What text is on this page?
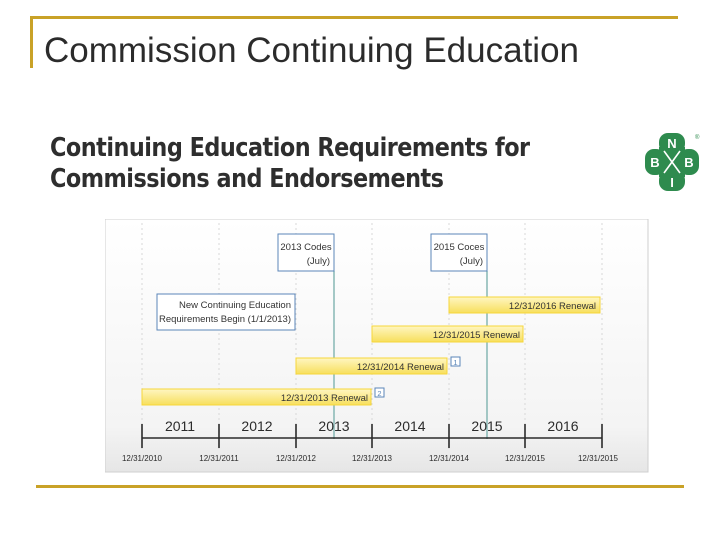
Commission Continuing Education
Continuing Education Requirements for
Commissions and Endorsements
N
B B
I
®
2013 Codes
(July)
2015 Coces
(July)
New Continuing Education
Requirements Begin (1/1/2013)
12/31/2016 Renewal
12/31/2015 Renewal
12/31/2014 Renewal 1
12/31/2013 Renewal 2
2011	2012	2013	2014	2015	2016
12/31/2010	12/31/2011	12/31/2012	12/31/2013	12/31/2014	12/31/2015	12/31/2015
